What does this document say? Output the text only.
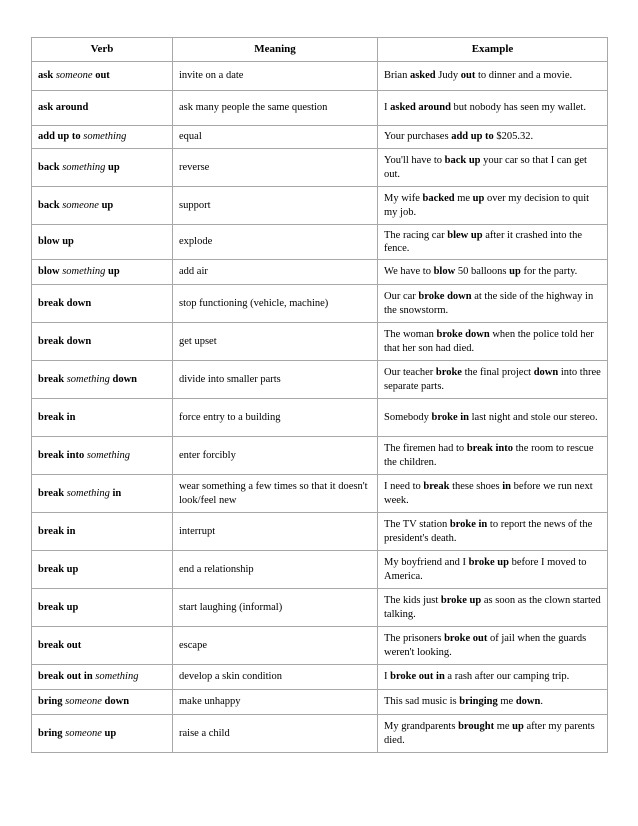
Verb	Meaning	Example
ask someone out	invite on a date	Brian asked Judy out to dinner and a movie.
ask around	ask many people the same question	I asked around but nobody has seen my wallet.
add up to something	equal	Your purchases add up to $205.32.
back something up	reverse	You'll have to back up your car so that I can get out.
back someone up	support	My wife backed me up over my decision to quit my job.
blow up	explode	The racing car blew up after it crashed into the fence.
blow something up	add air	We have to blow 50 balloons up for the party.
break down	stop functioning (vehicle, machine)	Our car broke down at the side of the highway in the snowstorm.
break down	get upset	The woman broke down when the police told her that her son had died.
break something down	divide into smaller parts	Our teacher broke the final project down into three separate parts.
break in	force entry to a building	Somebody broke in last night and stole our stereo.
break into something	enter forcibly	The firemen had to break into the room to rescue the children.
break something in	wear something a few times so that it doesn't look/feel new	I need to break these shoes in before we run next week.
break in	interrupt	The TV station broke in to report the news of the president's death.
break up	end a relationship	My boyfriend and I broke up before I moved to America.
break up	start laughing (informal)	The kids just broke up as soon as the clown started talking.
break out	escape	The prisoners broke out of jail when the guards weren't looking.
break out in something	develop a skin condition	I broke out in a rash after our camping trip.
bring someone down	make unhappy	This sad music is bringing me down.
bring someone up	raise a child	My grandparents brought me up after my parents died.
